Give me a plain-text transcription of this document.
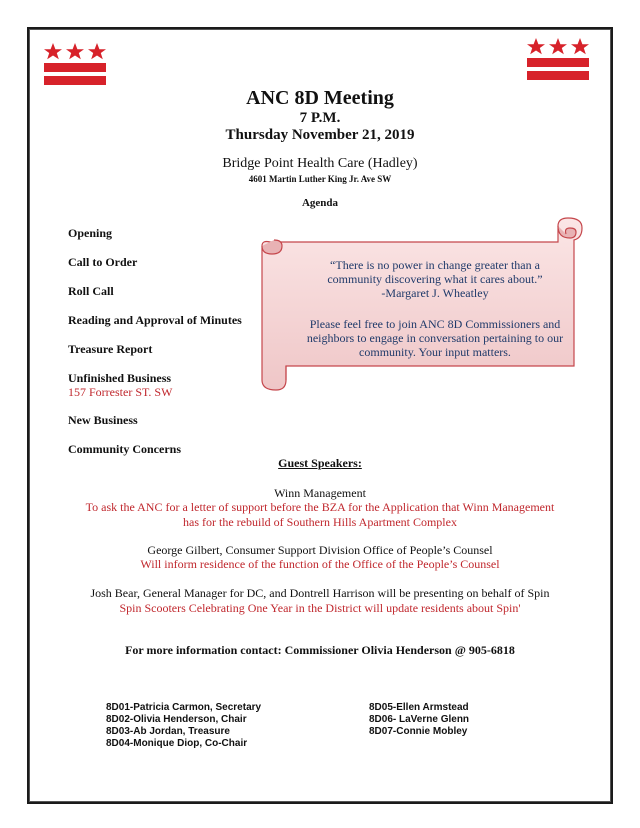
ANC 8D Meeting
7 P.M.
Thursday November 21, 2019
Bridge Point Health Care (Hadley)
4601 Martin Luther King Jr. Ave SW
Agenda
Opening
Call to Order
Roll Call
Reading and Approval of Minutes
Treasure Report
Unfinished Business
157 Forrester ST. SW
New Business
Community Concerns
“There is no power in change greater than a
community discovering what it cares about.”
-Margaret J. Wheatley
Please feel free to join ANC 8D Commissioners and
neighbors to engage in conversation pertaining to our
community. Your input matters.
Guest Speakers:
Winn Management
To ask the ANC for a letter of support before the BZA for the Application that Winn Management
has for the rebuild of Southern Hills Apartment Complex
George Gilbert, Consumer Support Division Office of People’s Counsel
Will inform residence of the function of the Office of the People’s Counsel
Josh Bear, General Manager for DC, and Dontrell Harrison will be presenting on behalf of Spin
Spin Scooters Celebrating One Year in the District will update residents about Spin'
For more information contact: Commissioner Olivia Henderson @ 905-6818
8D01-Patricia Carmon, Secretary
8D02-Olivia Henderson, Chair
8D03-Ab Jordan, Treasure
8D04-Monique Diop, Co-Chair
8D05-Ellen Armstead
8D06- LaVerne Glenn
8D07-Connie Mobley
